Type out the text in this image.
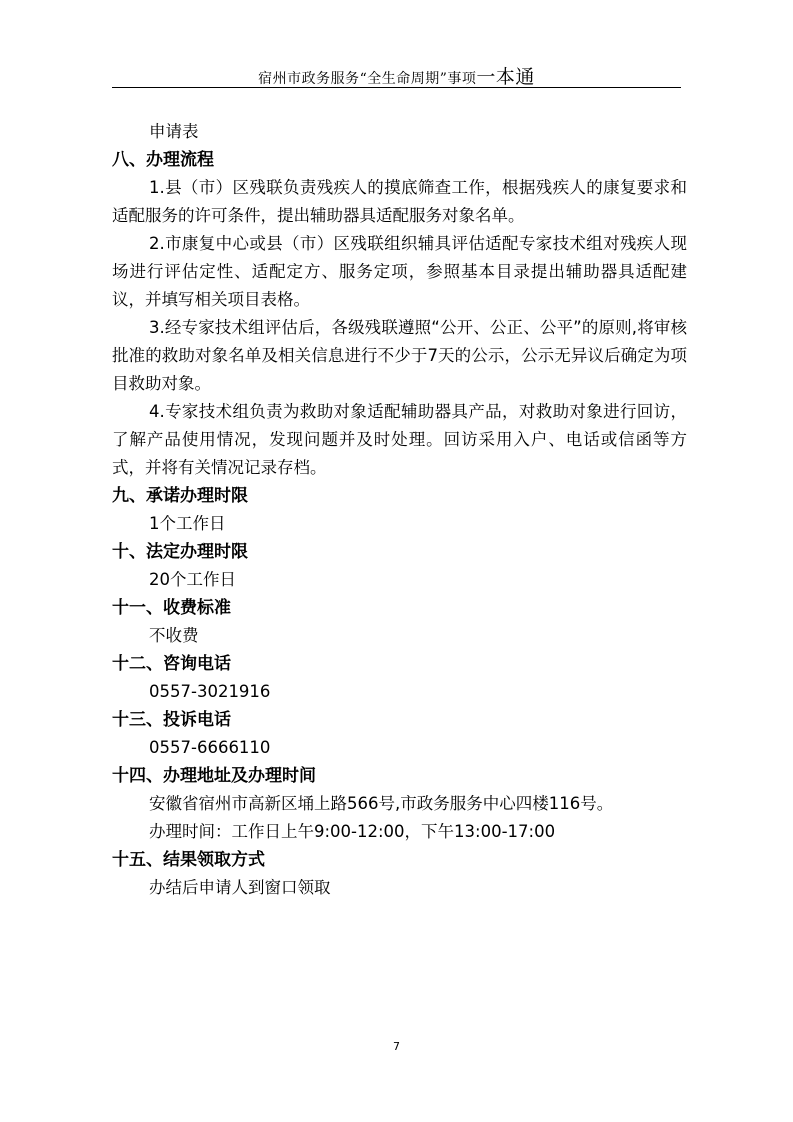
宿州市政务服务“全生命周期”事项一本通

申请表

八、办理流程

1.县（市）区残联负责残疾人的摸底筛查工作，根据残疾人的康复要求和适配服务的许可条件，提出辅助器具适配服务对象名单。

2.市康复中心或县（市）区残联组织辅具评估适配专家技术组对残疾人现场进行评估定性、适配定方、服务定项，参照基本目录提出辅助器具适配建议，并填写相关项目表格。

3.经专家技术组评估后，各级残联遵照“公开、公正、公平”的原则,将审核批准的救助对象名单及相关信息进行不少于7天的公示，公示无异议后确定为项目救助对象。

4.专家技术组负责为救助对象适配辅助器具产品，对救助对象进行回访，了解产品使用情况，发现问题并及时处理。回访采用入户、电话或信函等方式，并将有关情况记录存档。

九、承诺办理时限

1个工作日

十、法定办理时限

20个工作日

十一、收费标准

不收费

十二、咨询电话

0557-3021916

十三、投诉电话

0557-6666110

十四、办理地址及办理时间

安徽省宿州市高新区埇上路566号,市政务服务中心四楼116号。

办理时间：工作日上午9:00-12:00，下午13:00-17:00

十五、结果领取方式

办结后申请人到窗口领取

7
